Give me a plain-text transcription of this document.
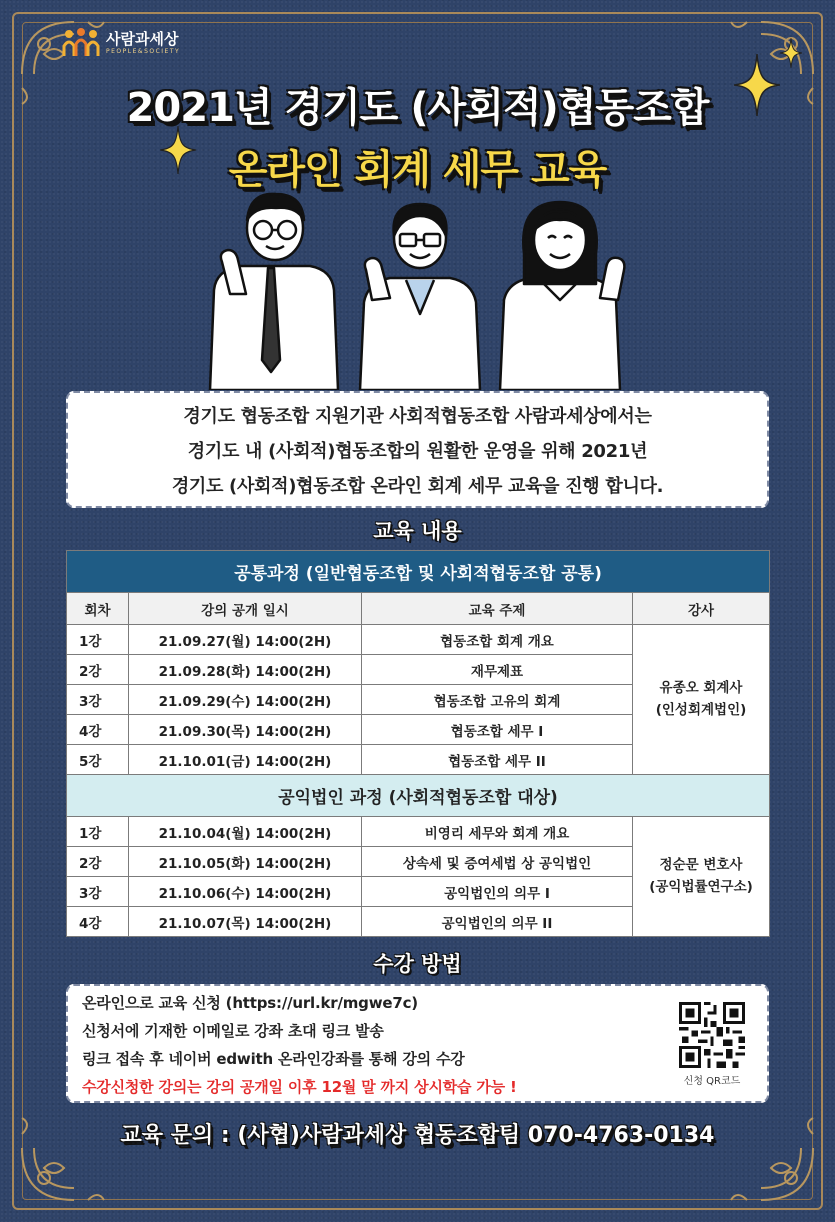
사람과세상
PEOPLE&SOCIETY
2021년 경기도 (사회적)협동조합
온라인 회계 세무 교육
경기도 협동조합 지원기관 사회적협동조합 사람과세상에서는
경기도 내 (사회적)협동조합의 원활한 운영을 위해 2021년
경기도 (사회적)협동조합 온라인 회계 세무 교육을 진행 합니다.
교육 내용
공통과정 (일반협동조합 및 사회적협동조합 공통)			
회차	강의 공개 일시	교육 주제	강사
1강	21.09.27(월) 14:00(2H)	협동조합 회계 개요	유종오 회계사
(인성회계법인)

2강	21.09.28(화) 14:00(2H)	재무제표	
3강	21.09.29(수) 14:00(2H)	협동조합 고유의 회계	
4강	21.09.30(목) 14:00(2H)	협동조합 세무 I	
5강	21.10.01(금) 14:00(2H)	협동조합 세무 II	
공익법인 과정 (사회적협동조합 대상)			
1강	21.10.04(월) 14:00(2H)	비영리 세무와 회계 개요	정순문 변호사
(공익법률연구소)

2강	21.10.05(화) 14:00(2H)	상속세 및 증여세법 상 공익법인	
3강	21.10.06(수) 14:00(2H)	공익법인의 의무 I	
4강	21.10.07(목) 14:00(2H)	공익법인의 의무 II	
수강 방법
온라인으로 교육 신청 (https://url.kr/mgwe7c)
신청서에 기재한 이메일로 강좌 초대 링크 발송
링크 접속 후 네이버 edwith 온라인강좌를 통해 강의 수강
수강신청한 강의는 강의 공개일 이후 12월 말 까지 상시학습 가능 !	신청 QR코드
교육 문의 : (사협)사람과세상 협동조합팀 070-4763-0134
